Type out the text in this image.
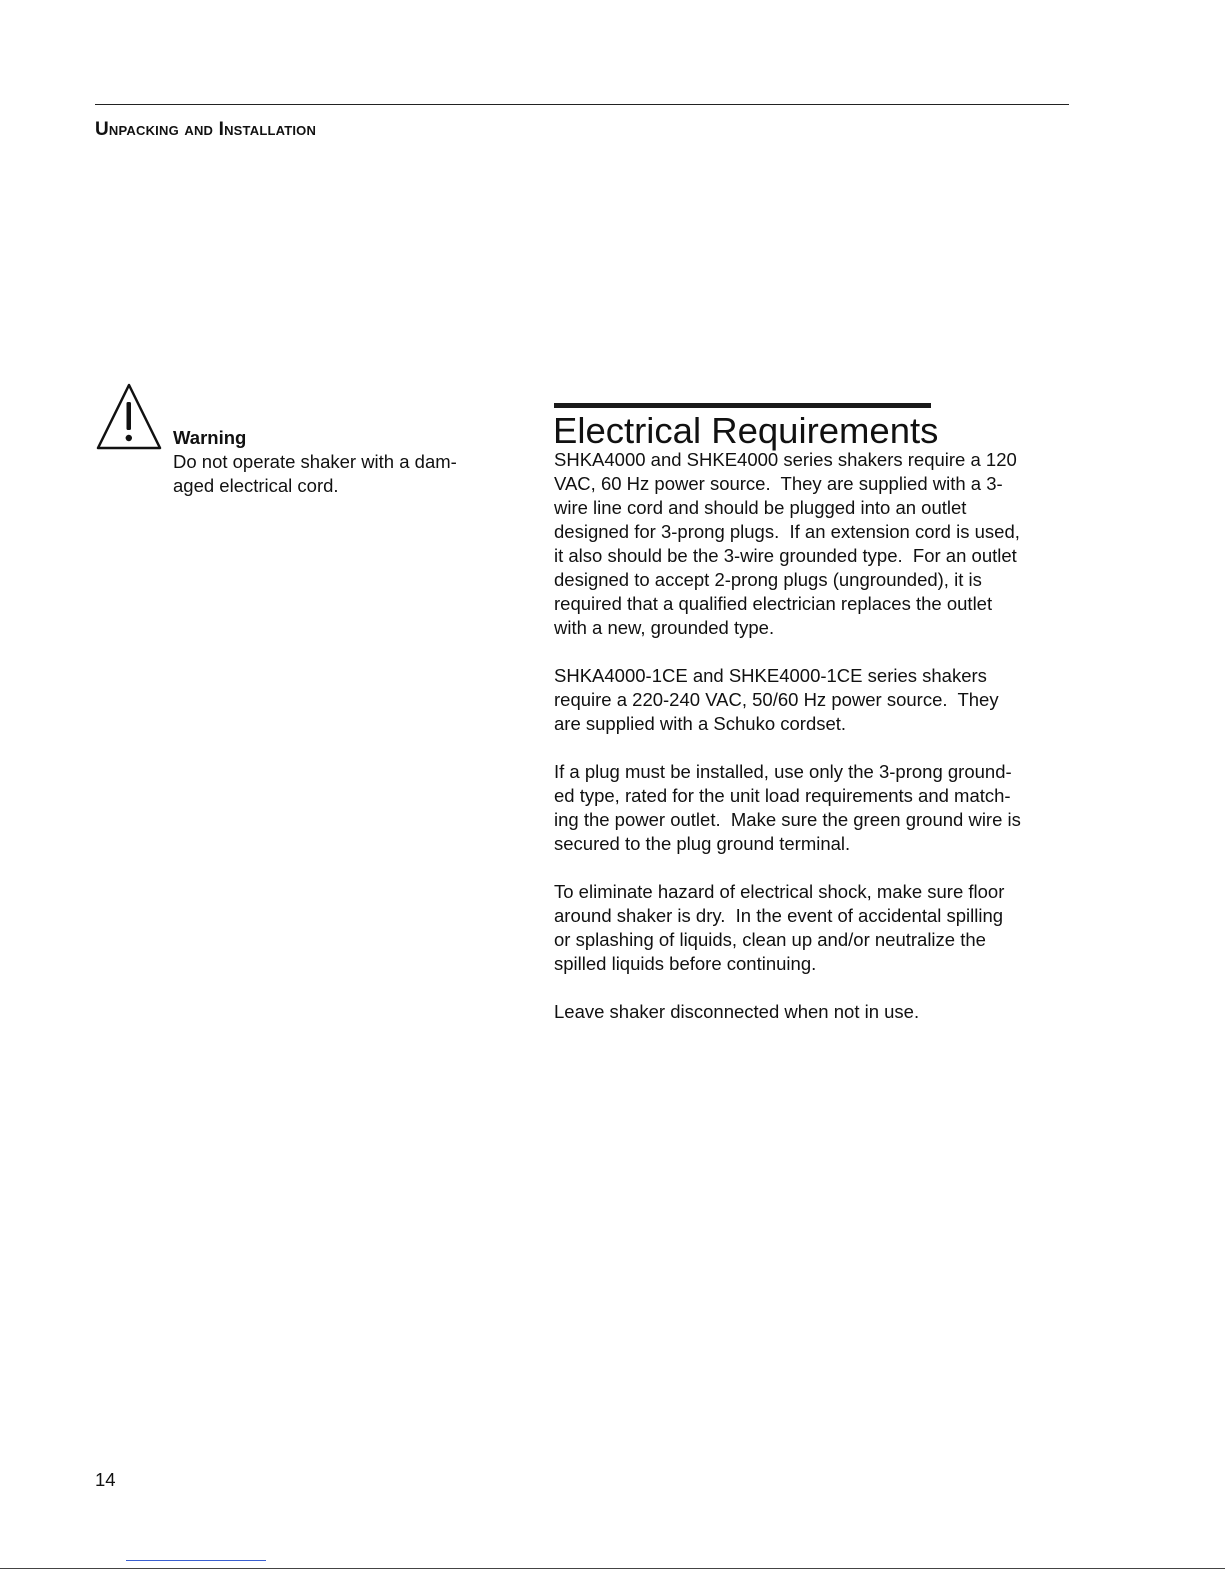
Unpacking and Installation

Warning

Do not operate shaker with a dam-
aged electrical cord.

Electrical Requirements

SHKA4000 and SHKE4000 series shakers require a 120
VAC, 60 Hz power source.  They are supplied with a 3-
wire line cord and should be plugged into an outlet
designed for 3-prong plugs.  If an extension cord is used,
it also should be the 3-wire grounded type.  For an outlet
designed to accept 2-prong plugs (ungrounded), it is
required that a qualified electrician replaces the outlet
with a new, grounded type.

SHKA4000-1CE and SHKE4000-1CE series shakers
require a 220-240 VAC, 50/60 Hz power source.  They
are supplied with a Schuko cordset.

If a plug must be installed, use only the 3-prong ground-
ed type, rated for the unit load requirements and match-
ing the power outlet.  Make sure the green ground wire is
secured to the plug ground terminal.

To eliminate hazard of electrical shock, make sure floor
around shaker is dry.  In the event of accidental spilling
or splashing of liquids, clean up and/or neutralize the
spilled liquids before continuing.

Leave shaker disconnected when not in use.

14
